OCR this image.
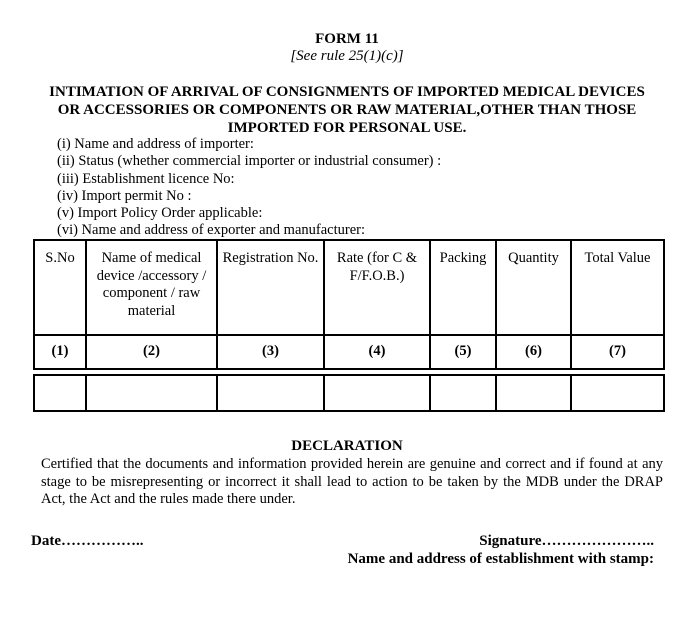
FORM 11
[See rule 25(1)(c)]
INTIMATION OF ARRIVAL OF CONSIGNMENTS OF IMPORTED MEDICAL DEVICES
OR ACCESSORIES OR COMPONENTS OR RAW MATERIAL,OTHER THAN THOSE
IMPORTED FOR PERSONAL USE.
(i) Name and address of importer:
(ii) Status (whether commercial importer or industrial consumer) :
(iii) Establishment licence No:
(iv) Import permit No :
(v) Import Policy Order applicable:
(vi) Name and address of exporter and manufacturer:
S.No	Name of medical device /accessory / component / raw material	Registration No.	Rate (for C & F/F.O.B.)	Packing	Quantity	Total Value
(1)	(2)	(3)	(4)	(5)	(6)	(7)

DECLARATION
Certified that the documents and information provided herein are genuine and correct and if found at any stage to be misrepresenting or incorrect it shall lead to action to be taken by the MDB under the DRAP Act, the Act and the rules made there under.
Date……………..	Signature…………………..
Name and address of establishment with stamp:
